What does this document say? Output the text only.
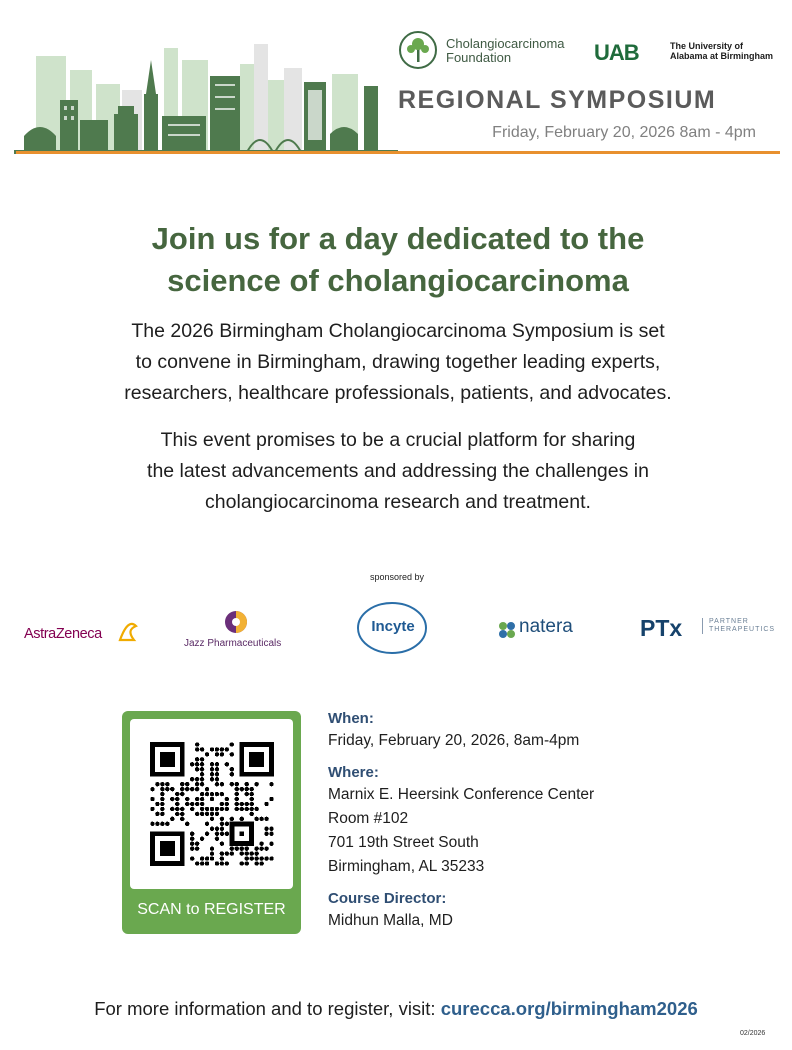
Cholangiocarcinoma
Foundation	UAB	The University of
Alabama at Birmingham
REGIONAL SYMPOSIUM
Friday, February 20, 2026 8am - 4pm
Join us for a day dedicated to the
science of cholangiocarcinoma
The 2026 Birmingham Cholangiocarcinoma Symposium is set
to convene in Birmingham, drawing together leading experts,
researchers, healthcare professionals, patients, and advocates.
This event promises to be a crucial platform for sharing
the latest advancements and addressing the challenges in
cholangiocarcinoma research and treatment.
sponsored by
AstraZeneca
Jazz Pharmaceuticals
Incyte	natera	PTx	PARTNER
THERAPEUTICS
SCAN to REGISTER
When:
Friday, February 20, 2026, 8am-4pm
Where:
Marnix E. Heersink Conference Center
Room #102
701 19th Street South
Birmingham, AL 35233
Course Director:
Midhun Malla, MD
For more information and to register, visit: curecca.org/birmingham2026
02/2026
